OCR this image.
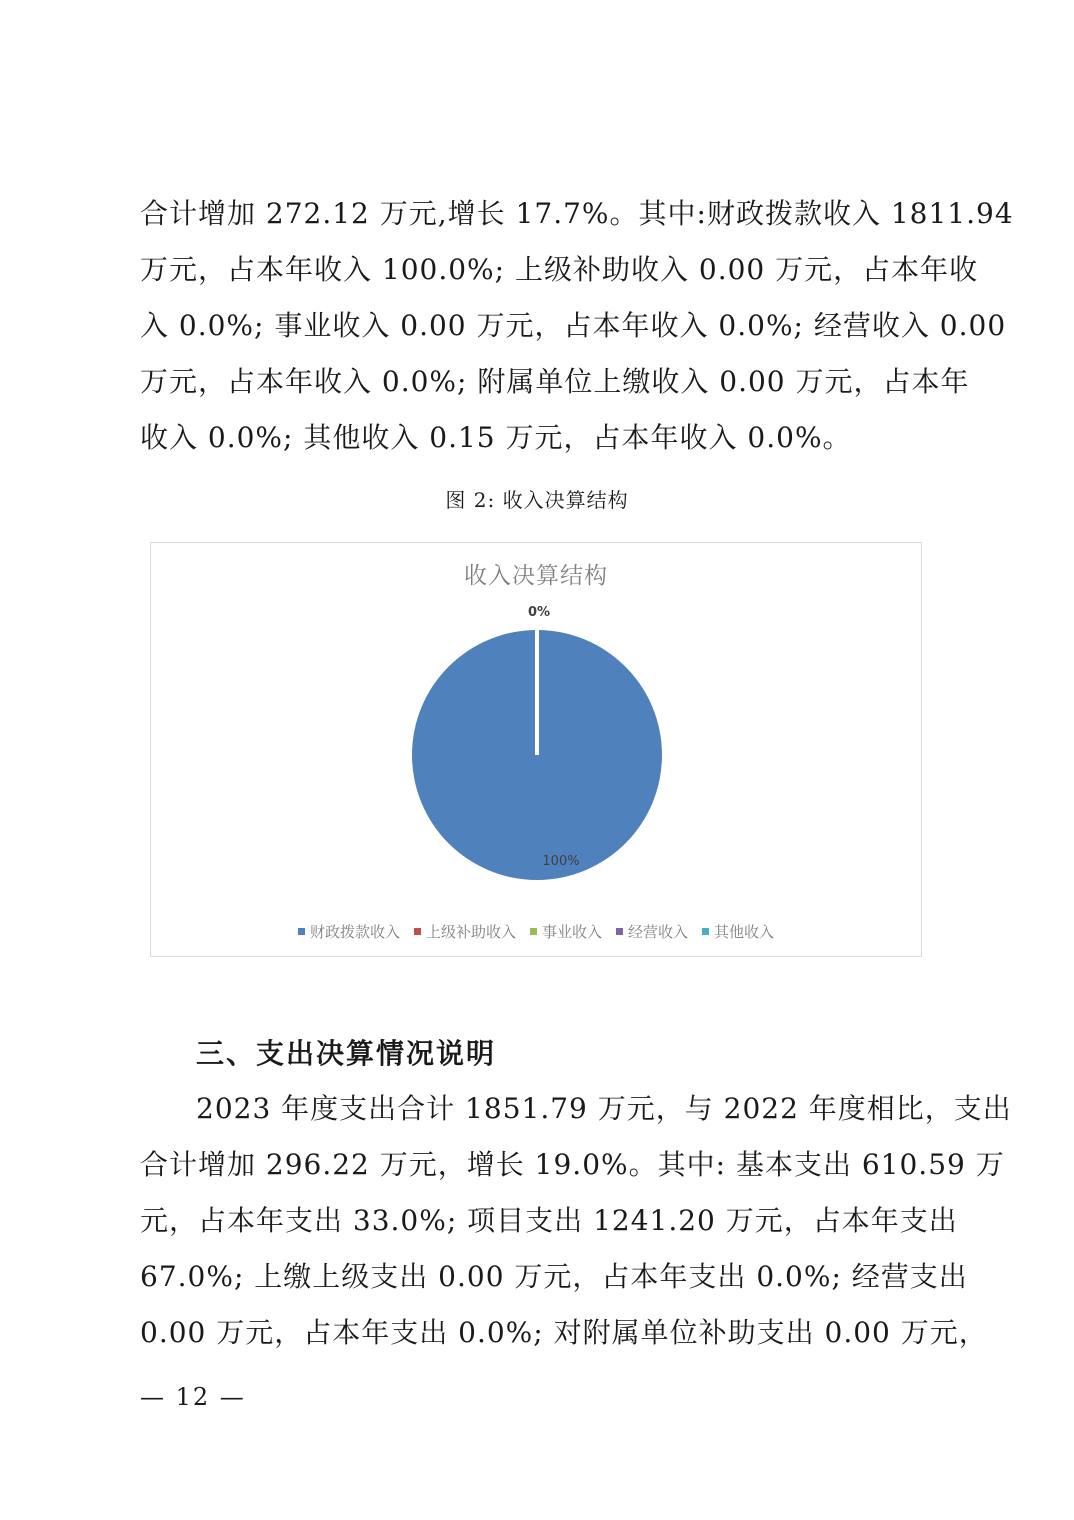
合计增加 272.12 万元,增长 17.7%。其中:财政拨款收入 1811.94
万元，占本年收入 100.0%; 上级补助收入 0.00 万元，占本年收
入 0.0%; 事业收入 0.00 万元，占本年收入 0.0%; 经营收入 0.00
万元，占本年收入 0.0%; 附属单位上缴收入 0.00 万元，占本年
收入 0.0%; 其他收入 0.15 万元，占本年收入 0.0%。
图 2: 收入决算结构
收入决算结构
100%
0%
财政拨款收入 上级补助收入 事业收入 经营收入 其他收入
三、支出决算情况说明
2023 年度支出合计 1851.79 万元，与 2022 年度相比，支出
合计增加 296.22 万元，增长 19.0%。其中: 基本支出 610.59 万
元，占本年支出 33.0%; 项目支出 1241.20 万元，占本年支出
67.0%; 上缴上级支出 0.00 万元，占本年支出 0.0%; 经营支出
0.00 万元，占本年支出 0.0%; 对附属单位补助支出 0.00 万元，
— 12 —
